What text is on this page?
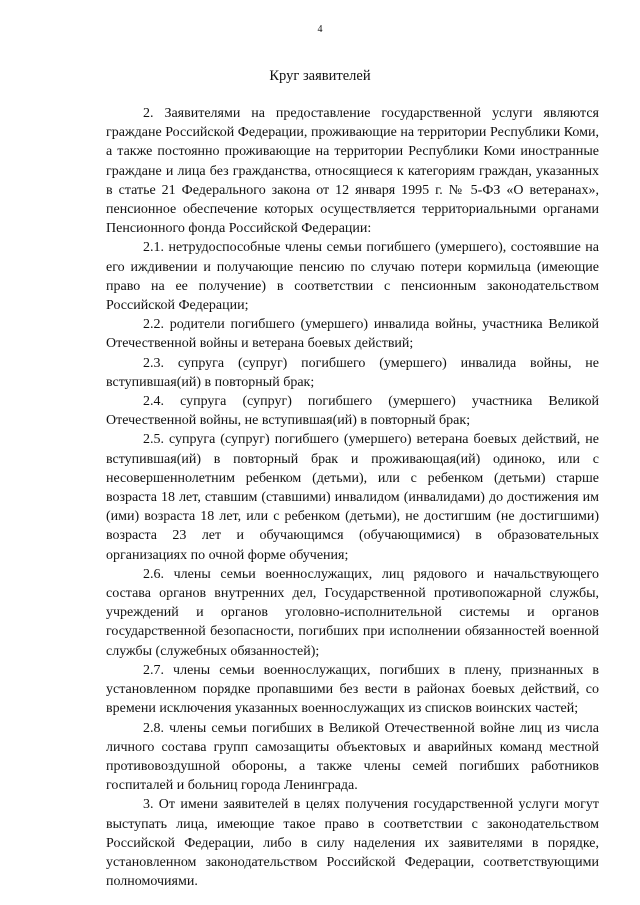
4
Круг заявителей

2. Заявителями на предоставление государственной услуги являются граждане Российской Федерации, проживающие на территории Республики Коми, а также постоянно проживающие на территории Республики Коми иностранные граждане и лица без гражданства, относящиеся к категориям граждан, указанных в статье 21 Федерального закона от 12 января 1995 г. № 5-ФЗ «О ветеранах», пенсионное обеспечение которых осуществляется территориальными органами Пенсионного фонда Российской Федерации:

2.1. нетрудоспособные члены семьи погибшего (умершего), состоявшие на его иждивении и получающие пенсию по случаю потери кормильца (имеющие право на ее получение) в соответствии с пенсионным законодательством Российской Федерации;

2.2. родители погибшего (умершего) инвалида войны, участника Великой Отечественной войны и ветерана боевых действий;

2.3. супруга (супруг) погибшего (умершего) инвалида войны, не вступившая(ий) в повторный брак;

2.4. супруга (супруг) погибшего (умершего) участника Великой Отечественной войны, не вступившая(ий) в повторный брак;

2.5. супруга (супруг) погибшего (умершего) ветерана боевых действий, не вступившая(ий) в повторный брак и проживающая(ий) одиноко, или с несовершеннолетним ребенком (детьми), или с ребенком (детьми) старше возраста 18 лет, ставшим (ставшими) инвалидом (инвалидами) до достижения им (ими) возраста 18 лет, или с ребенком (детьми), не достигшим (не достигшими) возраста 23 лет и обучающимся (обучающимися) в образовательных организациях по очной форме обучения;

2.6. члены семьи военнослужащих, лиц рядового и начальствующего состава органов внутренних дел, Государственной противопожарной службы, учреждений и органов уголовно-исполнительной системы и органов государственной безопасности, погибших при исполнении обязанностей военной службы (служебных обязанностей);

2.7. члены семьи военнослужащих, погибших в плену, признанных в установленном порядке пропавшими без вести в районах боевых действий, со времени исключения указанных военнослужащих из списков воинских частей;

2.8. члены семьи погибших в Великой Отечественной войне лиц из числа личного состава групп самозащиты объектовых и аварийных команд местной противовоздушной обороны, а также члены семей погибших работников госпиталей и больниц города Ленинграда.

3. От имени заявителей в целях получения государственной услуги могут выступать лица, имеющие такое право в соответствии с законодательством Российской Федерации, либо в силу наделения их заявителями в порядке, установленном законодательством Российской Федерации, соответствующими полномочиями.
